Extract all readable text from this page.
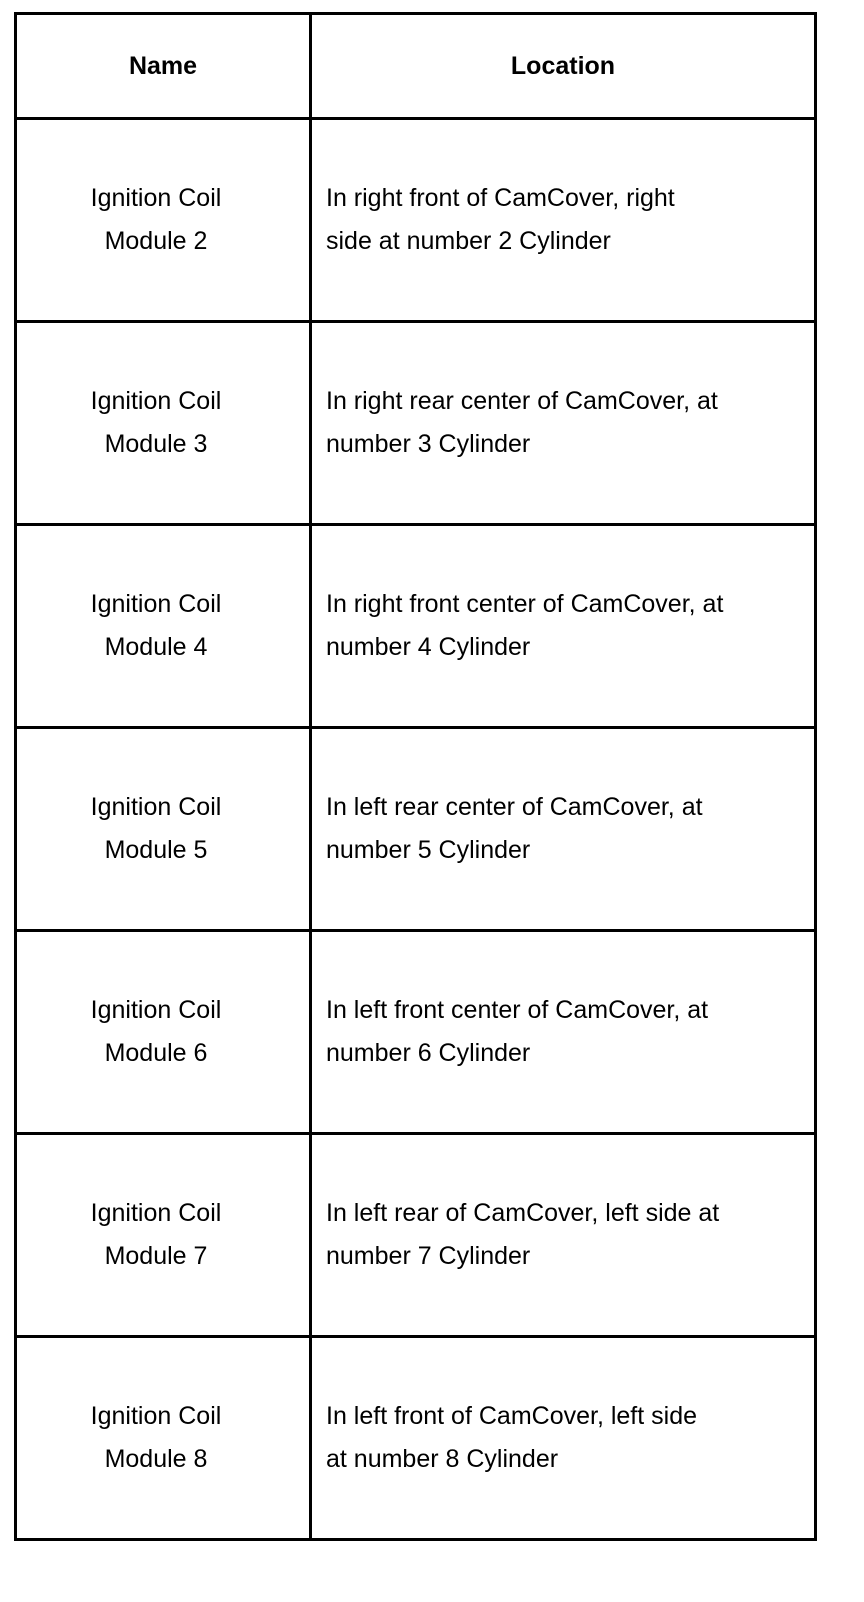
Name	Location

Ignition Coil
Module 2	In right front of CamCover, right
side at number 2 Cylinder

Ignition Coil
Module 3	In right rear center of CamCover, at
number 3 Cylinder

Ignition Coil
Module 4	In right front center of CamCover, at
number 4 Cylinder

Ignition Coil
Module 5	In left rear center of CamCover, at
number 5 Cylinder

Ignition Coil
Module 6	In left front center of CamCover, at
number 6 Cylinder

Ignition Coil
Module 7	In left rear of CamCover, left side at
number 7 Cylinder

Ignition Coil
Module 8	In left front of CamCover, left side
at number 8 Cylinder
